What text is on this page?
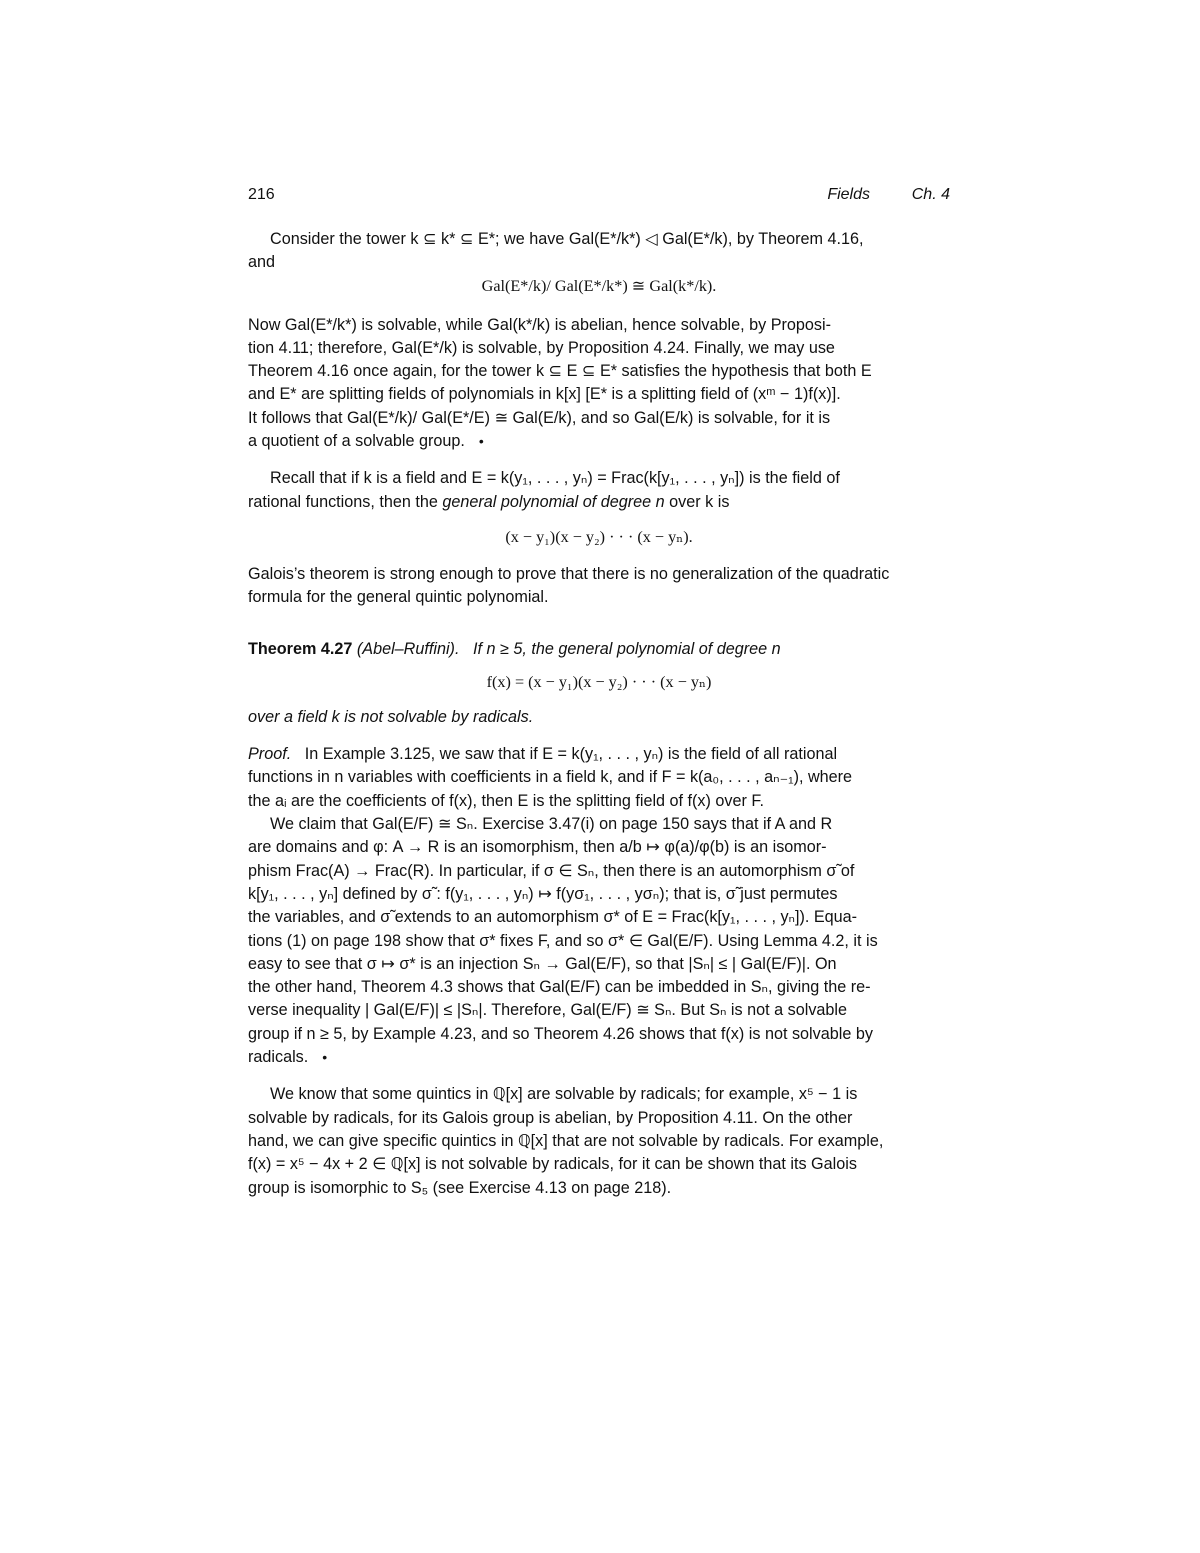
216	Fields	Ch. 4

Consider the tower k ⊆ k* ⊆ E*; we have Gal(E*/k*) ◁ Gal(E*/k), by Theorem 4.16,

and

Gal(E*/k)/ Gal(E*/k*) ≅ Gal(k*/k).

Now Gal(E*/k*) is solvable, while Gal(k*/k) is abelian, hence solvable, by Proposi-

tion 4.11; therefore, Gal(E*/k) is solvable, by Proposition 4.24. Finally, we may use

Theorem 4.16 once again, for the tower k ⊆ E ⊆ E* satisfies the hypothesis that both E

and E* are splitting fields of polynomials in k[x] [E* is a splitting field of (xᵐ − 1)f(x)].

It follows that Gal(E*/k)/ Gal(E*/E) ≅ Gal(E/k), and so Gal(E/k) is solvable, for it is

a quotient of a solvable group. •

Recall that if k is a field and E = k(y₁, . . . , yₙ) = Frac(k[y₁, . . . , yₙ]) is the field of

rational functions, then the general polynomial of degree n over k is

(x − y₁)(x − y₂) · · · (x − yₙ).

Galois’s theorem is strong enough to prove that there is no generalization of the quadratic

formula for the general quintic polynomial.

Theorem 4.27 (Abel–Ruffini). If n ≥ 5, the general polynomial of degree n

f(x) = (x − y₁)(x − y₂) · · · (x − yₙ)

over a field k is not solvable by radicals.

Proof. In Example 3.125, we saw that if E = k(y₁, . . . , yₙ) is the field of all rational

functions in n variables with coefficients in a field k, and if F = k(a₀, . . . , aₙ₋₁), where

the aᵢ are the coefficients of f(x), then E is the splitting field of f(x) over F.

We claim that Gal(E/F) ≅ Sₙ. Exercise 3.47(i) on page 150 says that if A and R

are domains and φ: A → R is an isomorphism, then a/b ↦ φ(a)/φ(b) is an isomor-

phism Frac(A) → Frac(R). In particular, if σ ∈ Sₙ, then there is an automorphism σ̃ of

k[y₁, . . . , yₙ] defined by σ̃ : f(y₁, . . . , yₙ) ↦ f(yσ₁, . . . , yσₙ); that is, σ̃ just permutes

the variables, and σ̃ extends to an automorphism σ* of E = Frac(k[y₁, . . . , yₙ]). Equa-

tions (1) on page 198 show that σ* fixes F, and so σ* ∈ Gal(E/F). Using Lemma 4.2, it is

easy to see that σ ↦ σ* is an injection Sₙ → Gal(E/F), so that |Sₙ| ≤ | Gal(E/F)|. On

the other hand, Theorem 4.3 shows that Gal(E/F) can be imbedded in Sₙ, giving the re-

verse inequality | Gal(E/F)| ≤ |Sₙ|. Therefore, Gal(E/F) ≅ Sₙ. But Sₙ is not a solvable

group if n ≥ 5, by Example 4.23, and so Theorem 4.26 shows that f(x) is not solvable by

radicals. •

We know that some quintics in ℚ[x] are solvable by radicals; for example, x⁵ − 1 is

solvable by radicals, for its Galois group is abelian, by Proposition 4.11. On the other

hand, we can give specific quintics in ℚ[x] that are not solvable by radicals. For example,

f(x) = x⁵ − 4x + 2 ∈ ℚ[x] is not solvable by radicals, for it can be shown that its Galois

group is isomorphic to S₅ (see Exercise 4.13 on page 218).
